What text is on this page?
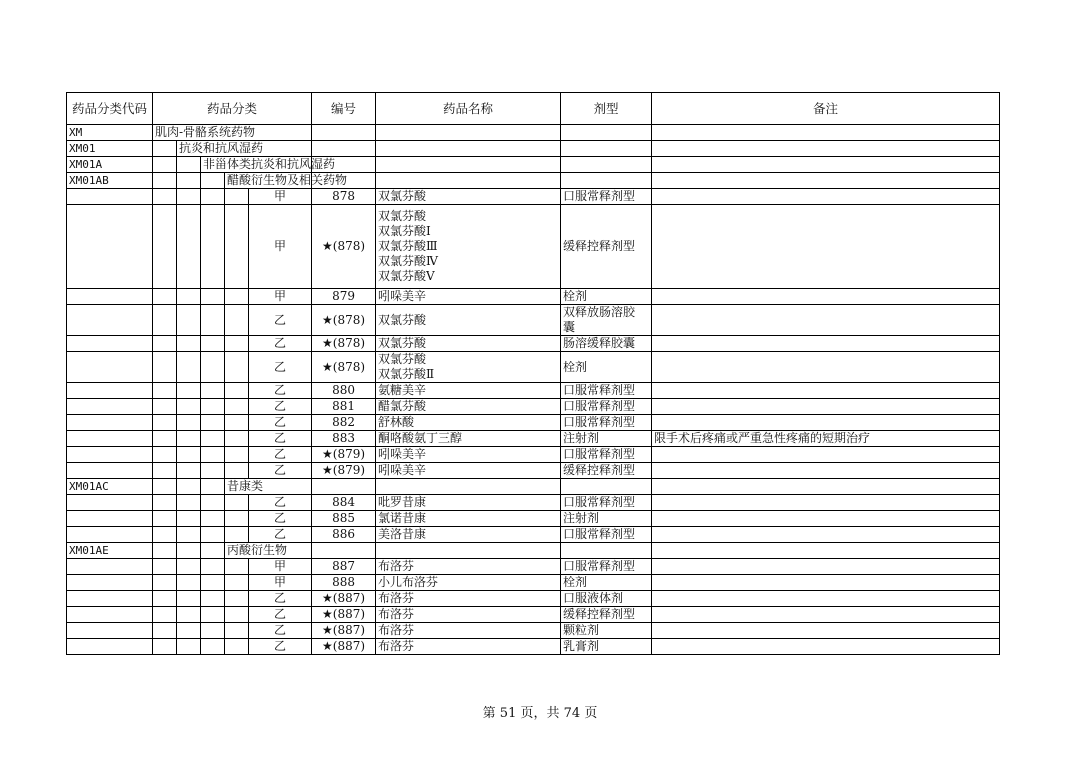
药品分类代码	药品分类					编号	药品名称	剂型	备注
XM	肌肉-骨骼系统药物								
XM01		抗炎和抗风湿药							
XM01A			非甾体类抗炎和抗风湿药						
XM01AB				醋酸衍生物及相关药物					
					甲	878	双氯芬酸	口服常释剂型	
					甲	★(878)	双氯芬酸
双氯芬酸Ⅰ
双氯芬酸Ⅲ
双氯芬酸Ⅳ
双氯芬酸Ⅴ	缓释控释剂型	
					甲	879	吲哚美辛	栓剂	
					乙	★(878)	双氯芬酸	双释放肠溶胶
囊	
					乙	★(878)	双氯芬酸	肠溶缓释胶囊	
					乙	★(878)	双氯芬酸
双氯芬酸Ⅱ	栓剂	
					乙	880	氨糖美辛	口服常释剂型	
					乙	881	醋氯芬酸	口服常释剂型	
					乙	882	舒林酸	口服常释剂型	
					乙	883	酮咯酸氨丁三醇	注射剂	限手术后疼痛或严重急性疼痛的短期治疗
					乙	★(879)	吲哚美辛	口服常释剂型	
					乙	★(879)	吲哚美辛	缓释控释剂型	
XM01AC				昔康类					
					乙	884	吡罗昔康	口服常释剂型	
					乙	885	氯诺昔康	注射剂	
					乙	886	美洛昔康	口服常释剂型	
XM01AE				丙酸衍生物					
					甲	887	布洛芬	口服常释剂型	
					甲	888	小儿布洛芬	栓剂	
					乙	★(887)	布洛芬	口服液体剂	
					乙	★(887)	布洛芬	缓释控释剂型	
					乙	★(887)	布洛芬	颗粒剂	
					乙	★(887)	布洛芬	乳膏剂	
第 51 页，共 74 页
